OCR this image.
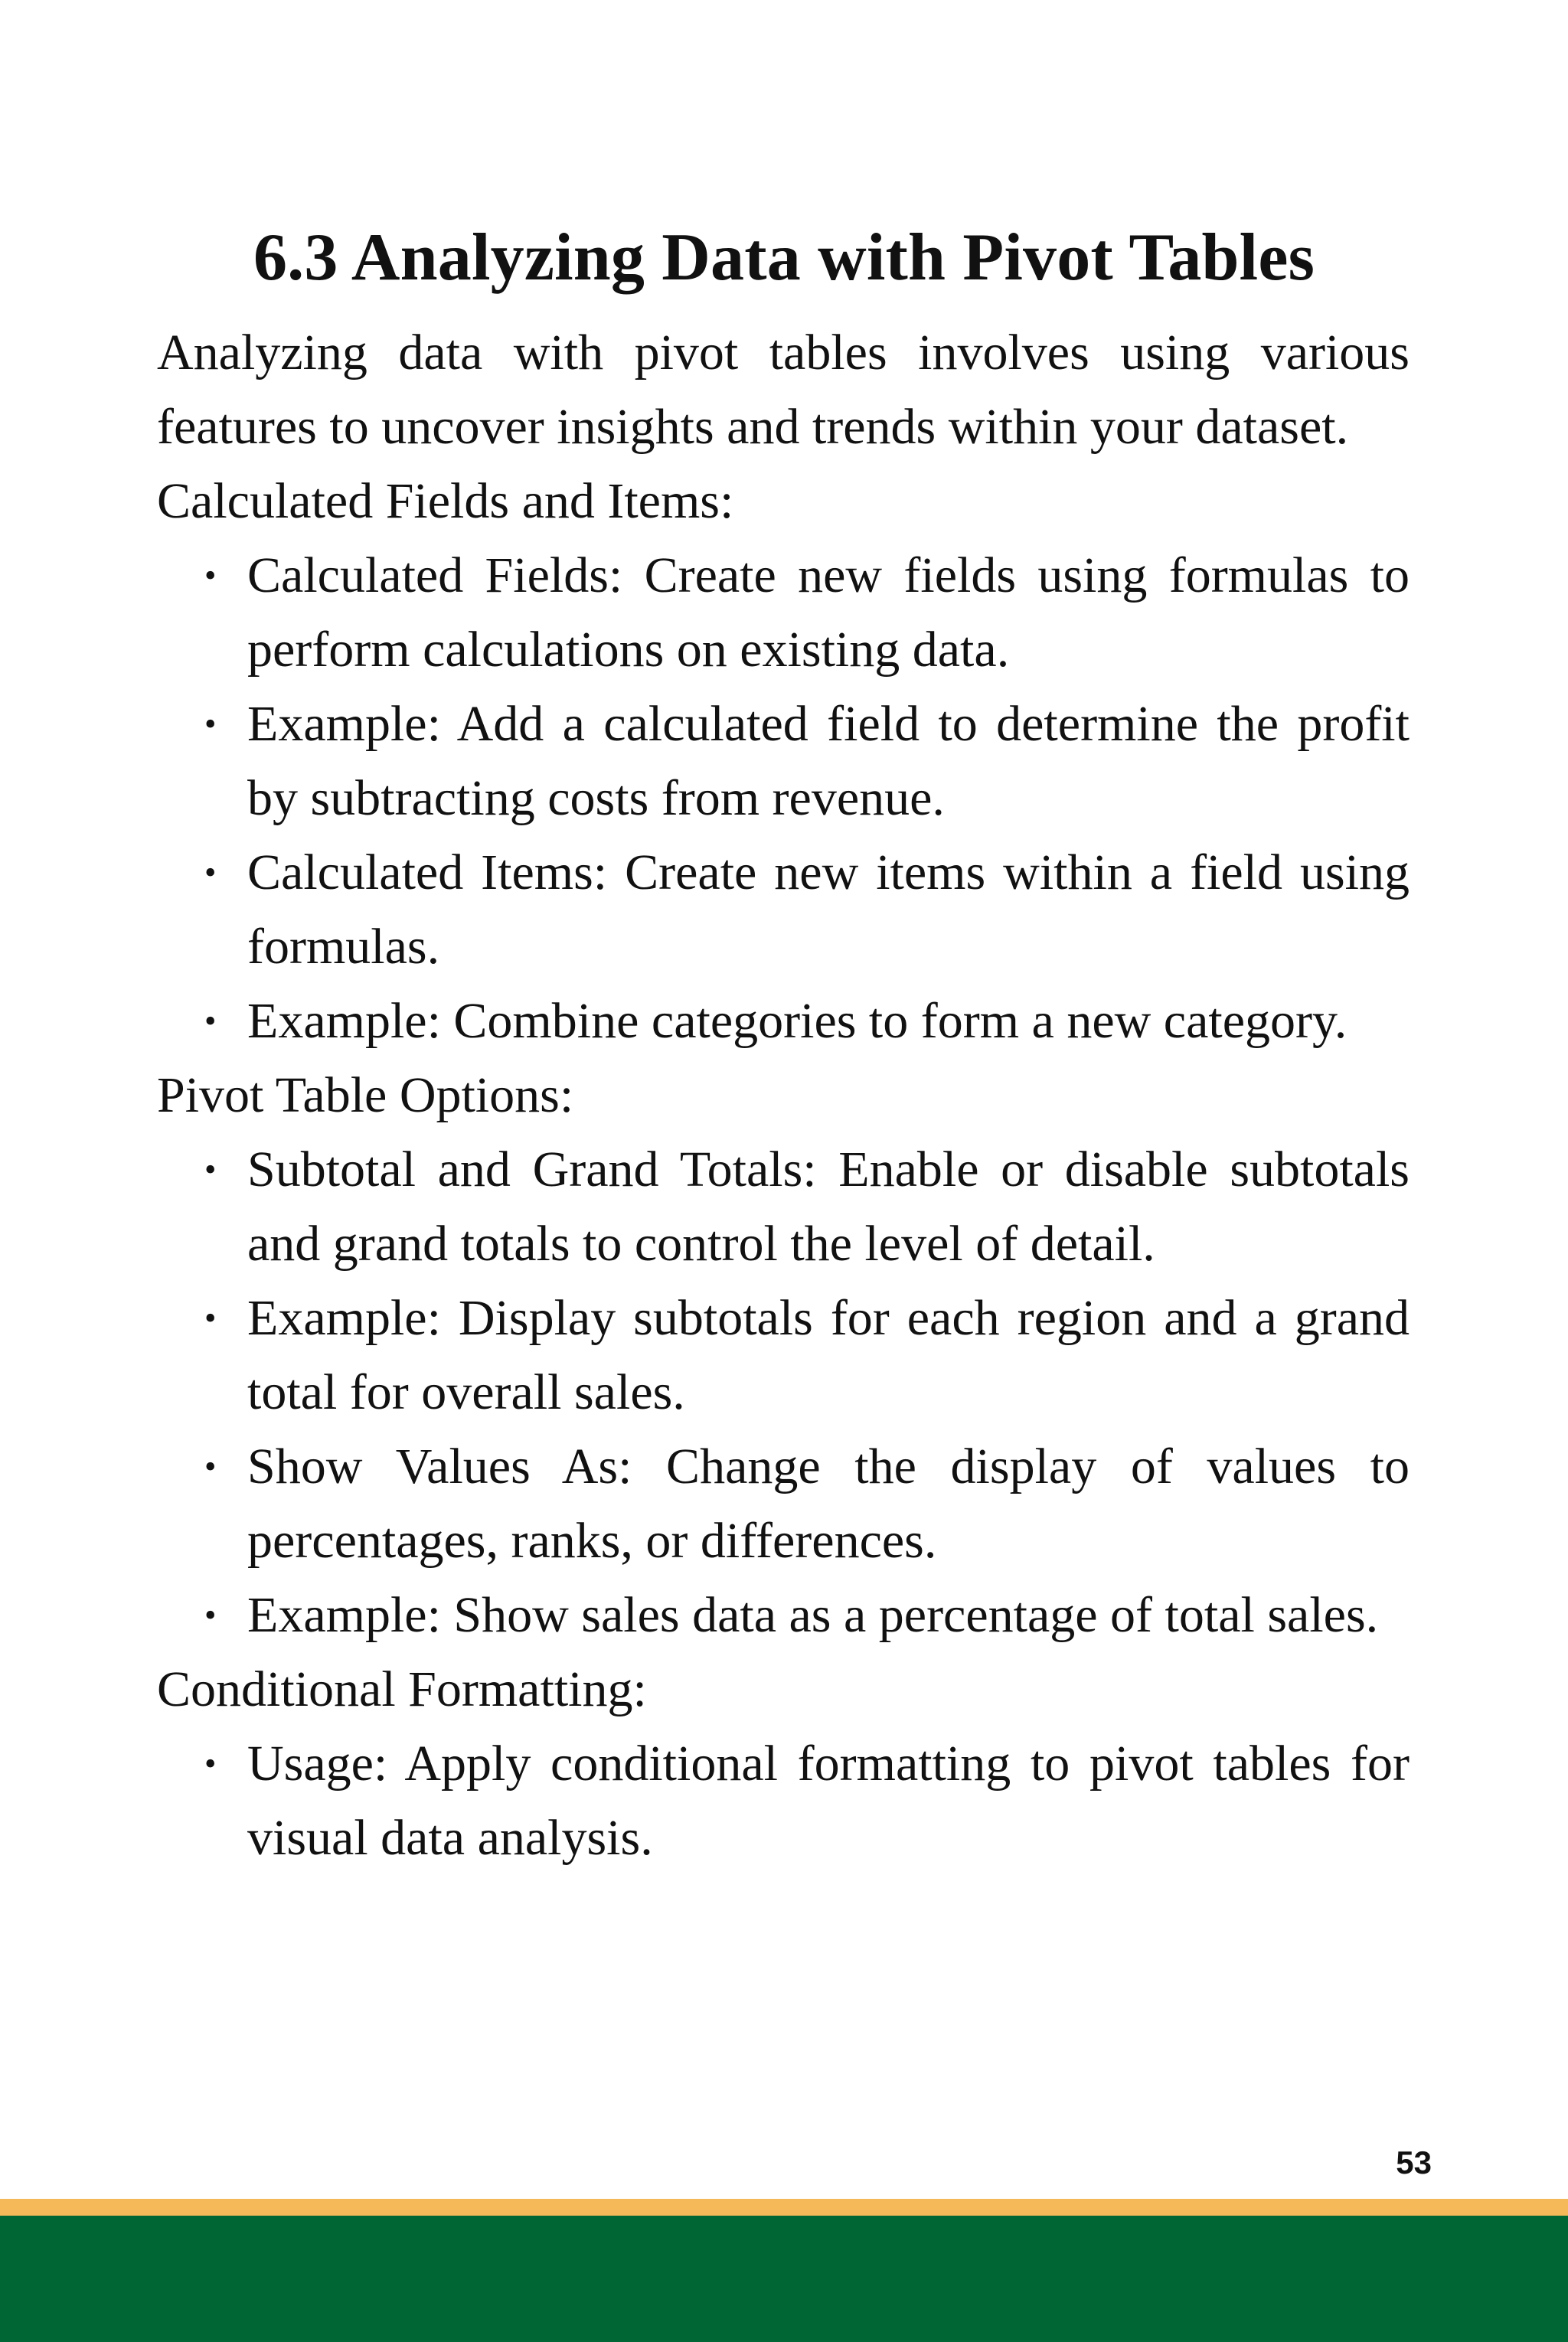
6.3 Analyzing Data with Pivot Tables

Analyzing data with pivot tables involves using various features to uncover insights and trends within your dataset.

Calculated Fields and Items:
• Calculated Fields: Create new fields using formulas to perform calculations on existing data.
• Example: Add a calculated field to determine the profit by subtracting costs from revenue.
• Calculated Items: Create new items within a field using formulas.
• Example: Combine categories to form a new category.
Pivot Table Options:
• Subtotal and Grand Totals: Enable or disable subtotals and grand totals to control the level of detail.
• Example: Display subtotals for each region and a grand total for overall sales.
• Show Values As: Change the display of values to percentages, ranks, or differences.
• Example: Show sales data as a percentage of total sales.
Conditional Formatting:
• Usage: Apply conditional formatting to pivot tables for visual data analysis.
53
